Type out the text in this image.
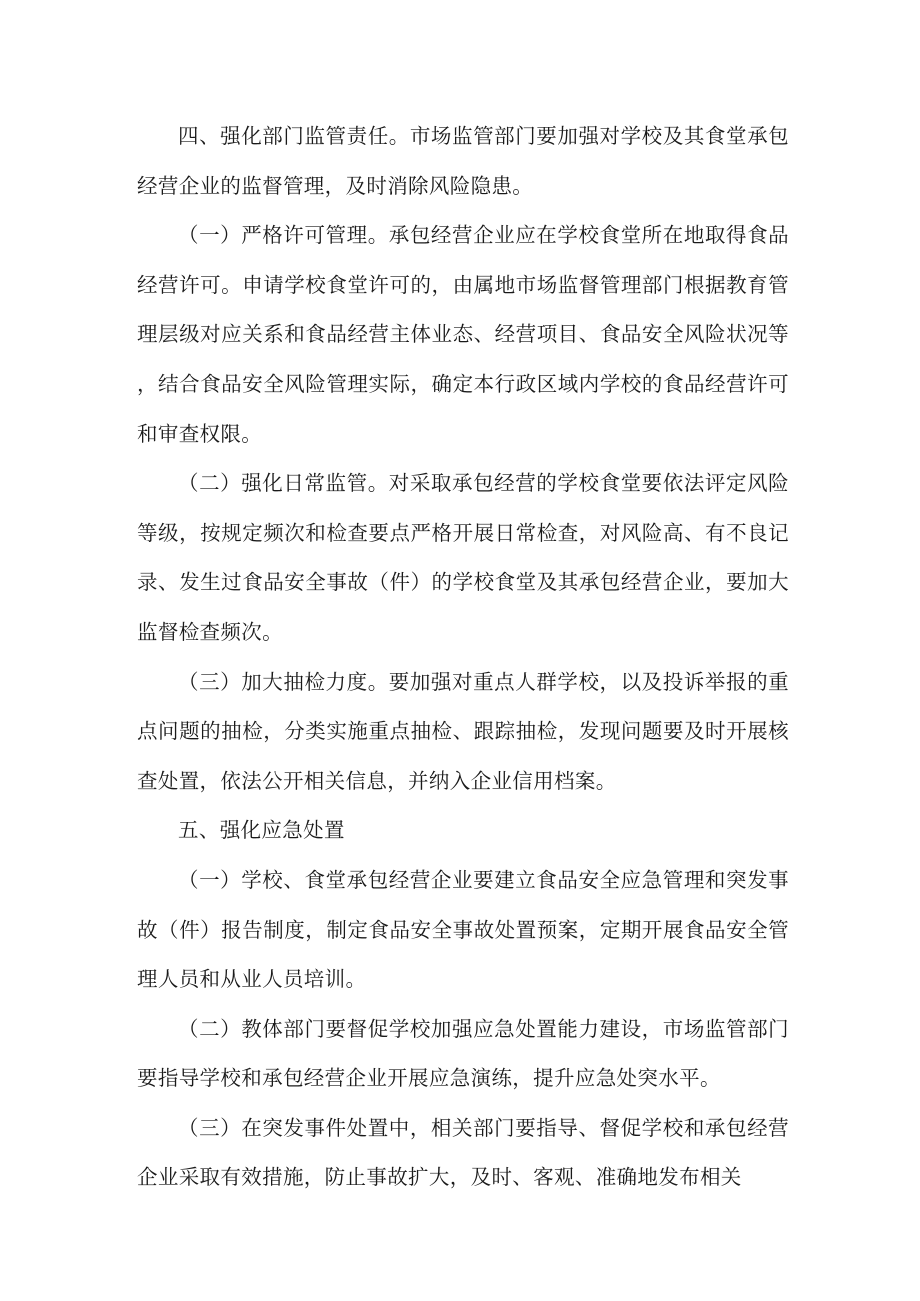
四、强化部门监管责任。市场监管部门要加强对学校及其食堂承包经营企业的监督管理，及时消除风险隐患。

（一）严格许可管理。承包经营企业应在学校食堂所在地取得食品经营许可。申请学校食堂许可的，由属地市场监督管理部门根据教育管理层级对应关系和食品经营主体业态、经营项目、食品安全风险状况等，结合食品安全风险管理实际，确定本行政区域内学校的食品经营许可和审查权限。

（二）强化日常监管。对采取承包经营的学校食堂要依法评定风险等级，按规定频次和检查要点严格开展日常检查，对风险高、有不良记录、发生过食品安全事故（件）的学校食堂及其承包经营企业，要加大监督检查频次。

（三）加大抽检力度。要加强对重点人群学校，以及投诉举报的重点问题的抽检，分类实施重点抽检、跟踪抽检，发现问题要及时开展核查处置，依法公开相关信息，并纳入企业信用档案。

五、强化应急处置

（一）学校、食堂承包经营企业要建立食品安全应急管理和突发事故（件）报告制度，制定食品安全事故处置预案，定期开展食品安全管理人员和从业人员培训。

（二）教体部门要督促学校加强应急处置能力建设，市场监管部门要指导学校和承包经营企业开展应急演练，提升应急处突水平。

（三）在突发事件处置中，相关部门要指导、督促学校和承包经营企业采取有效措施，防止事故扩大，及时、客观、准确地发布相关
